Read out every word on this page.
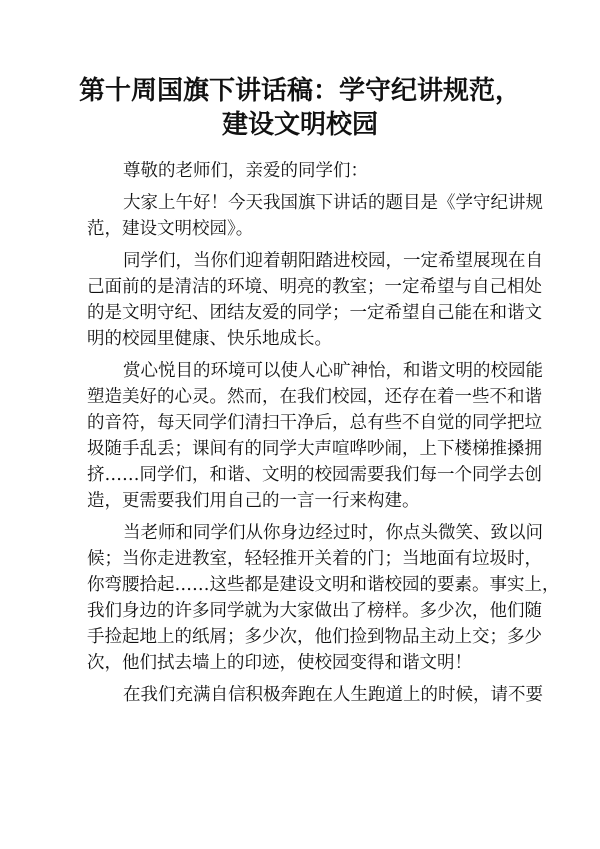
第十周国旗下讲话稿：学守纪讲规范，
建设文明校园

尊敬的老师们，亲爱的同学们：

大家上午好！今天我国旗下讲话的题目是《学守纪讲规

范，建设文明校园》。

同学们，当你们迎着朝阳踏进校园，一定希望展现在自

己面前的是清洁的环境、明亮的教室；一定希望与自己相处

的是文明守纪、团结友爱的同学；一定希望自己能在和谐文

明的校园里健康、快乐地成长。

赏心悦目的环境可以使人心旷神怡，和谐文明的校园能

塑造美好的心灵。然而，在我们校园，还存在着一些不和谐

的音符，每天同学们清扫干净后，总有些不自觉的同学把垃

圾随手乱丢；课间有的同学大声喧哗吵闹，上下楼梯推搡拥

挤……同学们，和谐、文明的校园需要我们每一个同学去创

造，更需要我们用自己的一言一行来构建。

当老师和同学们从你身边经过时，你点头微笑、致以问

候；当你走进教室，轻轻推开关着的门；当地面有垃圾时，

你弯腰拾起……这些都是建设文明和谐校园的要素。事实上，

我们身边的许多同学就为大家做出了榜样。多少次，他们随

手捡起地上的纸屑；多少次，他们捡到物品主动上交；多少

次，他们拭去墙上的印迹，使校园变得和谐文明！

在我们充满自信积极奔跑在人生跑道上的时候，请不要
